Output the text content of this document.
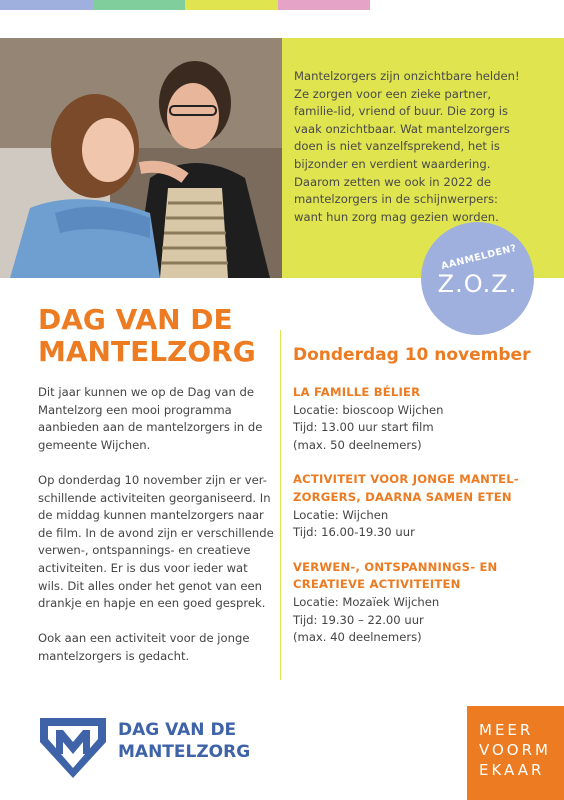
Mantelzorgers zijn onzichtbare helden! Ze zorgen voor een zieke partner, familie-lid, vriend of buur. Die zorg is vaak onzichtbaar. Wat mantelzorgers doen is niet vanzelfsprekend, het is bijzonder en verdient waardering. Daarom zetten we ook in 2022 de mantelzorgers in de schijnwerpers: want hun zorg mag gezien worden.

AANMELDEN?
Z.O.Z.
DAG VAN DE MANTELZORG

Dit jaar kunnen we op de Dag van de Mantelzorg een mooi programma aanbieden aan de mantelzorgers in de gemeente Wijchen.

Op donderdag 10 november zijn er ver-schillende activiteiten georganiseerd. In de middag kunnen mantelzorgers naar de film. In de avond zijn er verschillende verwen-, ontspannings- en creatieve activiteiten. Er is dus voor ieder wat wils. Dit alles onder het genot van een drankje en hapje en een goed gesprek.

Ook aan een activiteit voor de jonge mantelzorgers is gedacht.

Donderdag 10 november
LA FAMILLE BÉLIER
Locatie: bioscoop Wijchen
Tijd: 13.00 uur start film
(max. 50 deelnemers)
ACTIVITEIT VOOR JONGE MANTEL-ZORGERS, DAARNA SAMEN ETEN
Locatie: Wijchen
Tijd: 16.00-19.30 uur
VERWEN-, ONTSPANNINGS- EN CREATIEVE ACTIVITEITEN
Locatie: Mozaïek Wijchen
Tijd: 19.30 – 22.00 uur
(max. 40 deelnemers)
DAG VAN DE
MANTELZORG
MEER
VOORM
EKAAR
